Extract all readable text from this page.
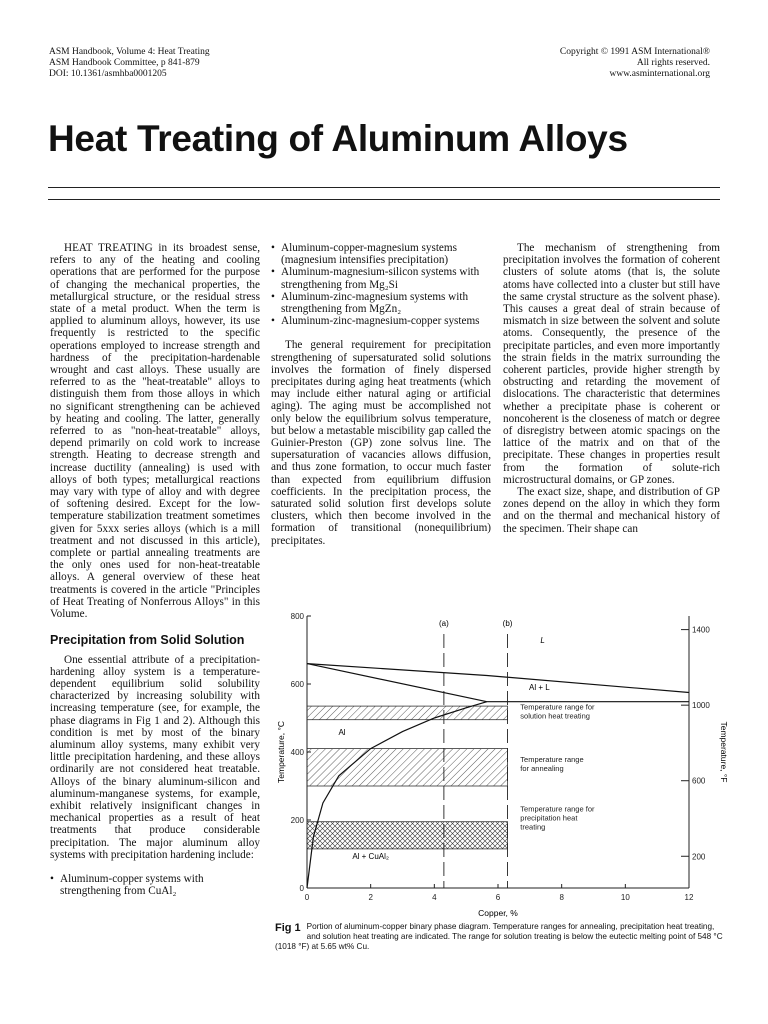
ASM Handbook, Volume 4: Heat Treating
ASM Handbook Committee, p 841-879
DOI: 10.1361/asmhba0001205
Copyright © 1991 ASM International®
All rights reserved.
www.asminternational.org
Heat Treating of Aluminum Alloys

HEAT TREATING in its broadest sense, refers to any of the heating and cooling operations that are performed for the purpose of changing the mechanical properties, the metallurgical structure, or the residual stress state of a metal product. When the term is applied to aluminum alloys, however, its use frequently is restricted to the specific operations employed to increase strength and hardness of the precipitation-hardenable wrought and cast alloys. These usually are referred to as the "heat-treatable" alloys to distinguish them from those alloys in which no significant strengthening can be achieved by heating and cooling. The latter, generally referred to as "non-heat-treatable" alloys, depend primarily on cold work to increase strength. Heating to decrease strength and increase ductility (annealing) is used with alloys of both types; metallurgical reactions may vary with type of alloy and with degree of softening desired. Except for the low-temperature stabilization treatment sometimes given for 5xxx series alloys (which is a mill treatment and not discussed in this article), complete or partial annealing treatments are the only ones used for non-heat-treatable alloys. A general overview of these heat treatments is covered in the article "Principles of Heat Treating of Nonferrous Alloys" in this Volume.

Precipitation from Solid Solution

One essential attribute of a precipitation-hardening alloy system is a temperature-dependent equilibrium solid solubility characterized by increasing solubility with increasing temperature (see, for example, the phase diagrams in Fig 1 and 2). Although this condition is met by most of the binary aluminum alloy systems, many exhibit very little precipitation hardening, and these alloys ordinarily are not considered heat treatable. Alloys of the binary aluminum-silicon and aluminum-manganese systems, for example, exhibit relatively insignificant changes in mechanical properties as a result of heat treatments that produce considerable precipitation. The major aluminum alloy systems with precipitation hardening include:

• Aluminum-copper systems with strengthening from CuAl₂
• Aluminum-copper-magnesium systems (magnesium intensifies precipitation)
• Aluminum-magnesium-silicon systems with strengthening from Mg₂Si
• Aluminum-zinc-magnesium systems with strengthening from MgZn₂
• Aluminum-zinc-magnesium-copper systems

The general requirement for precipitation strengthening of supersaturated solid solutions involves the formation of finely dispersed precipitates during aging heat treatments (which may include either natural aging or artificial aging). The aging must be accomplished not only below the equilibrium solvus temperature, but below a metastable miscibility gap called the Guinier-Preston (GP) zone solvus line. The supersaturation of vacancies allows diffusion, and thus zone formation, to occur much faster than expected from equilibrium diffusion coefficients. In the precipitation process, the saturated solid solution first develops solute clusters, which then become involved in the formation of transitional (nonequilibrium) precipitates.

The mechanism of strengthening from precipitation involves the formation of coherent clusters of solute atoms (that is, the solute atoms have collected into a cluster but still have the same crystal structure as the solvent phase). This causes a great deal of strain because of mismatch in size between the solvent and solute atoms. Consequently, the presence of the precipitate particles, and even more importantly the strain fields in the matrix surrounding the coherent particles, provide higher strength by obstructing and retarding the movement of dislocations. The characteristic that determines whether a precipitate phase is coherent or noncoherent is the closeness of match or degree of disregistry between atomic spacings on the lattice of the matrix and on that of the precipitate. These changes in properties result from the formation of solute-rich microstructural domains, or GP zones.

The exact size, shape, and distribution of GP zones depend on the alloy in which they form and on the thermal and mechanical history of the specimen. Their shape can

0	2	4	6	8	10	12
0
200
400
600
800
200
600
1000
1400
(a)	(b)
L
Al + L
Al
Al + CuAl₂
Temperature range for
solution heat treating
Temperature range
for annealing
Temperature range for
precipitation heat
treating
Copper, %
Temperature, °C	Temperature, °F
Fig 1 Portion of aluminum-copper binary phase diagram. Temperature ranges for annealing, precipitation heat treating, and solution heat treating are indicated. The range for solution treating is below the eutectic melting point of 548 °C (1018 °F) at 5.65 wt% Cu.
